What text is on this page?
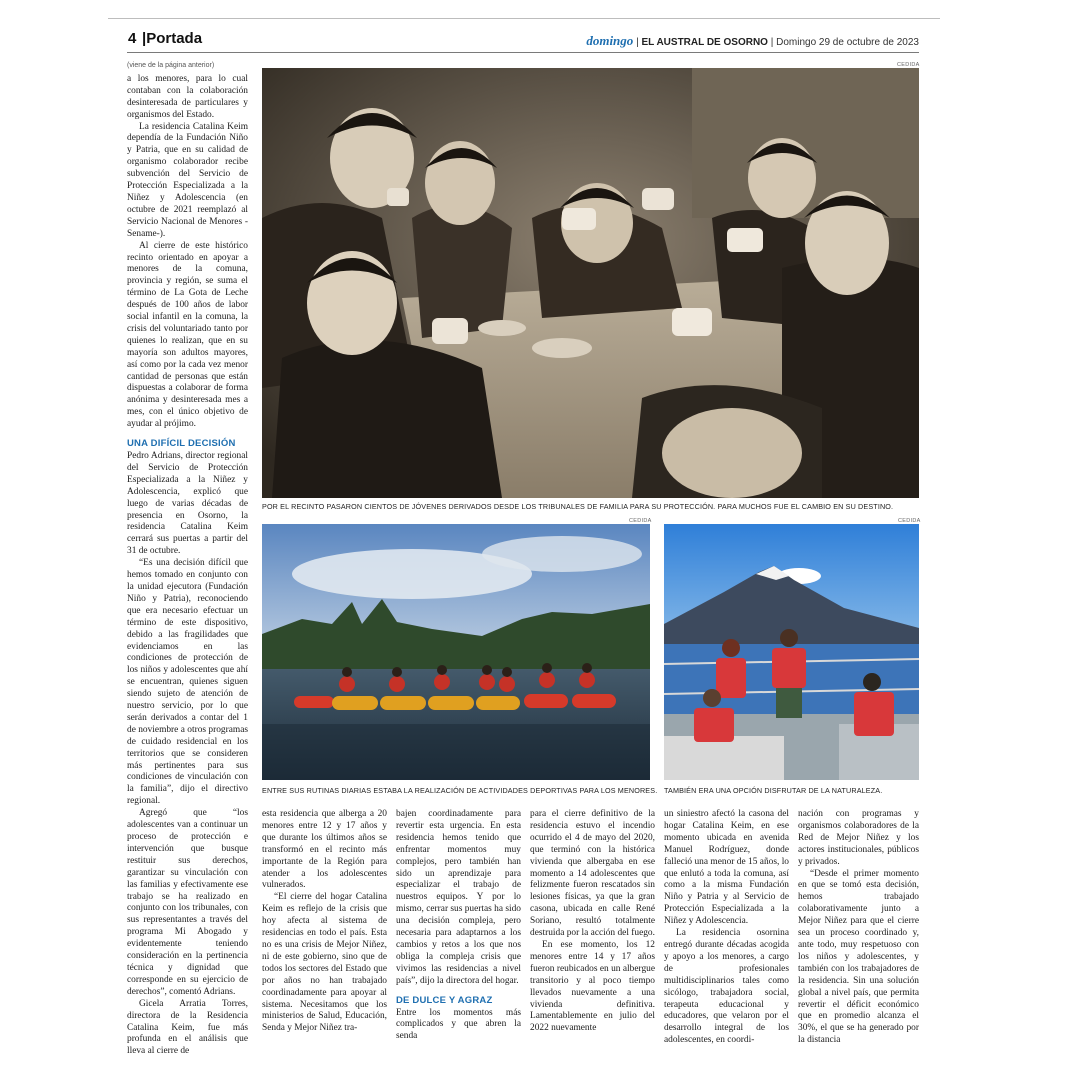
4 |Portada	domingo | EL AUSTRAL DE OSORNO | Domingo 29 de octubre de 2023

(viene de la página anterior)

a los menores, para lo cual contaban con la colaboración desinteresada de particulares y organismos del Estado.

La residencia Catalina Keim dependía de la Fundación Niño y Patria, que en su calidad de organismo colaborador recibe subvención del Servicio de Protección Especializada a la Niñez y Adolescencia (en octubre de 2021 reemplazó al Servicio Nacional de Menores -Sename-).

Al cierre de este histórico recinto orientado en apoyar a menores de la comuna, provincia y región, se suma el término de La Gota de Leche después de 100 años de labor social infantil en la comuna, la crisis del voluntariado tanto por quienes lo realizan, que en su mayoría son adultos mayores, así como por la cada vez menor cantidad de personas que están dispuestas a colaborar de forma anónima y desinteresada mes a mes, con el único objetivo de ayudar al prójimo.

UNA DIFÍCIL DECISIÓN

Pedro Adrians, director regional del Servicio de Protección Especializada a la Niñez y Adolescencia, explicó que luego de varias décadas de presencia en Osorno, la residencia Catalina Keim cerrará sus puertas a partir del 31 de octubre.

“Es una decisión difícil que hemos tomado en conjunto con la unidad ejecutora (Fundación Niño y Patria), reconociendo que era necesario efectuar un término de este dispositivo, debido a las fragilidades que evidenciamos en las condiciones de protección de los niños y adolescentes que ahí se encuentran, quienes siguen siendo sujeto de atención de nuestro servicio, por lo que serán derivados a contar del 1 de noviembre a otros programas de cuidado residencial en los territorios que se consideren más pertinentes para sus condiciones de vinculación con la familia”, dijo el directivo regional.

Agregó que “los adolescentes van a continuar un proceso de protección e intervención que busque restituir sus derechos, garantizar su vinculación con las familias y efectivamente ese trabajo se ha realizado en conjunto con los tribunales, con sus representantes a través del programa Mi Abogado y evidentemente teniendo consideración en la pertinencia técnica y dignidad que corresponde en su ejercicio de derechos”, comentó Adrians.

Gicela Arratia Torres, directora de la Residencia Catalina Keim, fue más profunda en el análisis que lleva al cierre de

CEDIDA
POR EL RECINTO PASARON CIENTOS DE JÓVENES DERIVADOS DESDE LOS TRIBUNALES DE FAMILIA PARA SU PROTECCIÓN. PARA MUCHOS FUE EL CAMBIO EN SU DESTINO.
CEDIDA
ENTRE SUS RUTINAS DIARIAS ESTABA LA REALIZACIÓN DE ACTIVIDADES DEPORTIVAS PARA LOS MENORES.
CEDIDA
TAMBIÉN ERA UNA OPCIÓN DISFRUTAR DE LA NATURALEZA.

esta residencia que alberga a 20 menores entre 12 y 17 años y que durante los últimos años se transformó en el recinto más importante de la Región para atender a los adolescentes vulnerados.

“El cierre del hogar Catalina Keim es reflejo de la crisis que hoy afecta al sistema de residencias en todo el país. Esta no es una crisis de Mejor Niñez, ni de este gobierno, sino que de todos los sectores del Estado que por años no han trabajado coordinadamente para apoyar al sistema. Necesitamos que los ministerios de Salud, Educación, Senda y Mejor Niñez tra-

bajen coordinadamente para revertir esta urgencia. En esta residencia hemos tenido que enfrentar momentos muy complejos, pero también han sido un aprendizaje para especializar el trabajo de nuestros equipos. Y por lo mismo, cerrar sus puertas ha sido una decisión compleja, pero necesaria para adaptarnos a los cambios y retos a los que nos obliga la compleja crisis que vivimos las residencias a nivel país”, dijo la directora del hogar.

DE DULCE Y AGRAZ

Entre los momentos más complicados y que abren la senda

para el cierre definitivo de la residencia estuvo el incendio ocurrido el 4 de mayo del 2020, que terminó con la histórica vivienda que albergaba en ese momento a 14 adolescentes que felizmente fueron rescatados sin lesiones físicas, ya que la gran casona, ubicada en calle René Soriano, resultó totalmente destruida por la acción del fuego.

En ese momento, los 12 menores entre 14 y 17 años fueron reubicados en un albergue transitorio y al poco tiempo llevados nuevamente a una vivienda definitiva. Lamentablemente en julio del 2022 nuevamente

un siniestro afectó la casona del hogar Catalina Keim, en ese momento ubicada en avenida Manuel Rodríguez, donde falleció una menor de 15 años, lo que enlutó a toda la comuna, así como a la misma Fundación Niño y Patria y al Servicio de Protección Especializada a la Niñez y Adolescencia.

La residencia osornina entregó durante décadas acogida y apoyo a los menores, a cargo de profesionales multidisciplinarios tales como sicólogo, trabajadora social, terapeuta educacional y educadores, que velaron por el desarrollo integral de los adolescentes, en coordi-

nación con programas y organismos colaboradores de la Red de Mejor Niñez y los actores institucionales, públicos y privados.

“Desde el primer momento en que se tomó esta decisión, hemos trabajado colaborativamente junto a Mejor Niñez para que el cierre sea un proceso coordinado y, ante todo, muy respetuoso con los niños y adolescentes, y también con los trabajadores de la residencia. Sin una solución global a nivel país, que permita revertir el déficit económico que en promedio alcanza el 30%, el que se ha generado por la distancia
